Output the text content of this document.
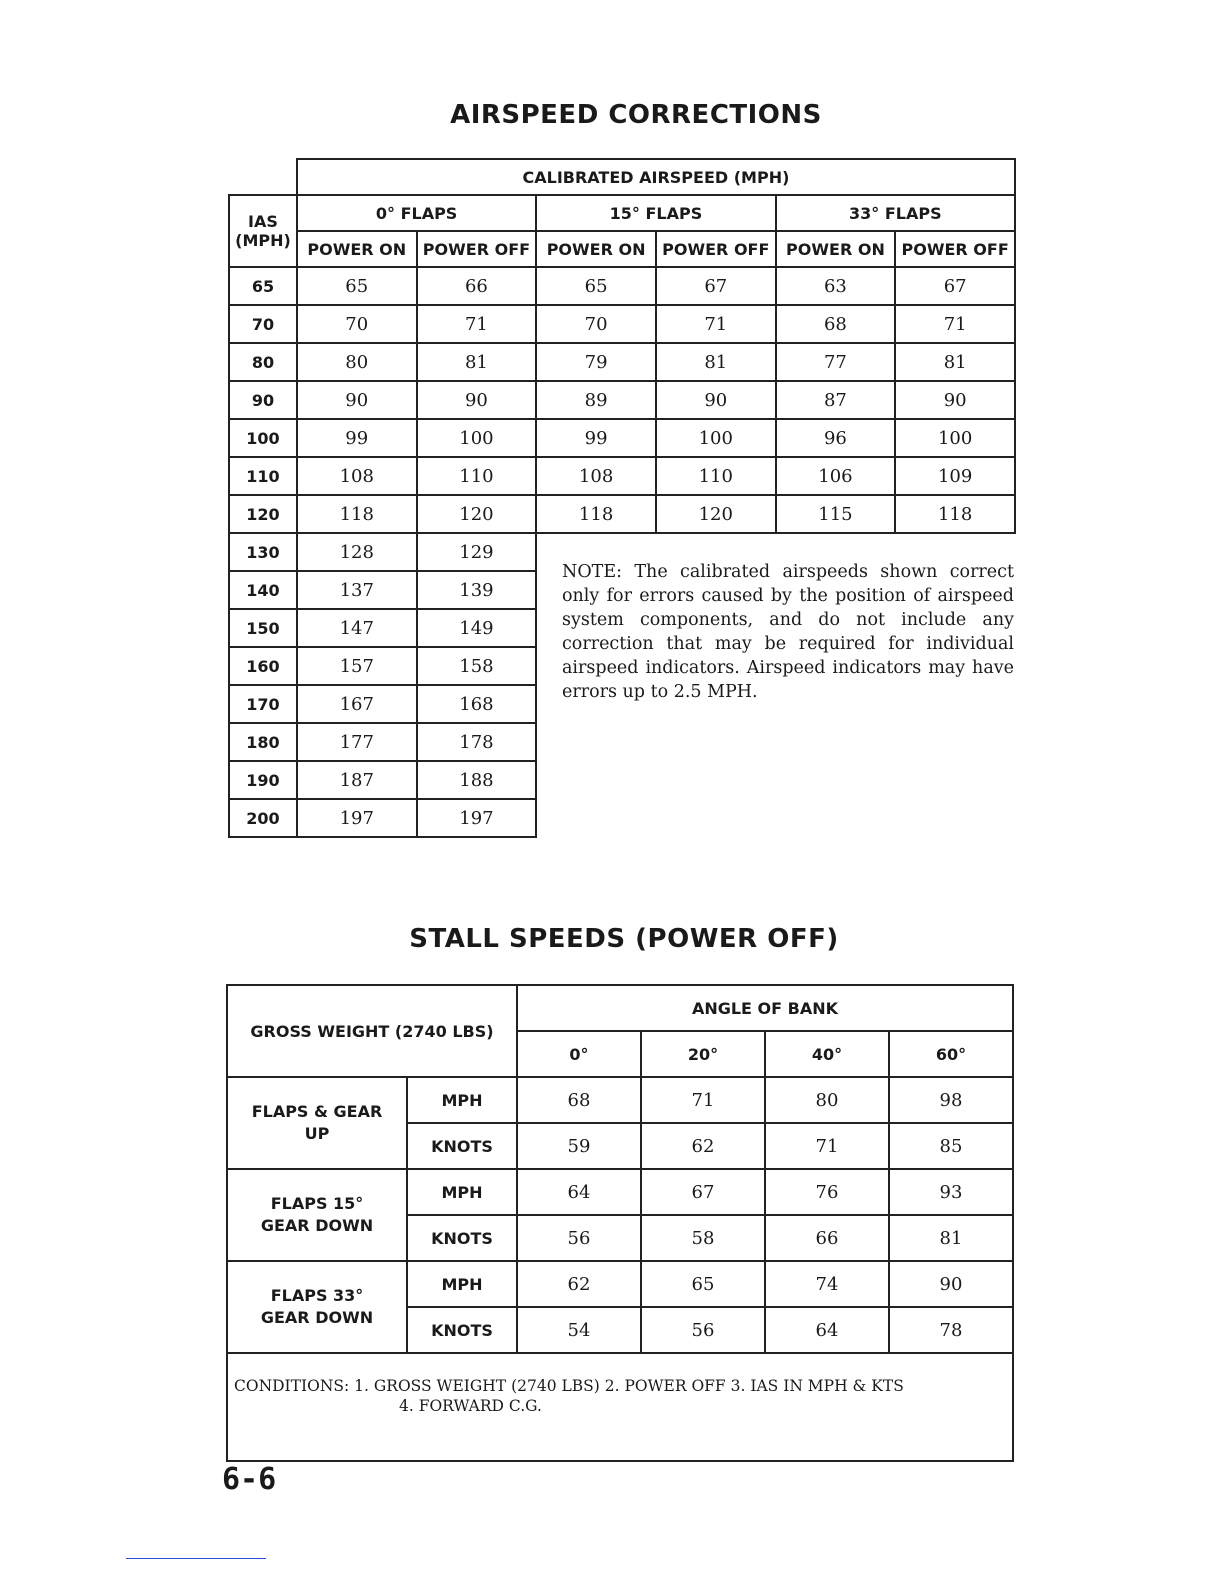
AIRSPEED CORRECTIONS
	CALIBRATED AIRSPEED (MPH)					
IAS
(MPH)	0° FLAPS		15° FLAPS		33° FLAPS	
	POWER ON	POWER OFF	POWER ON	POWER OFF	POWER ON	POWER OFF
65	65	66	65	67	63	67
70	70	71	70	71	68	71
80	80	81	79	81	77	81
90	90	90	89	90	87	90
100	99	100	99	100	96	100
110	108	110	108	110	106	109
120	118	120	118	120	115	118
130	128	129				
140	137	139				
150	147	149				
160	157	158				
170	167	168				
180	177	178				
190	187	188				
200	197	197				
NOTE: The calibrated airspeeds shown correct only for errors caused by the position of airspeed system components, and do not include any correction that may be required for individual airspeed indicators. Airspeed indicators may have errors up to 2.5 MPH.
STALL SPEEDS (POWER OFF)
GROSS WEIGHT (2740 LBS)		ANGLE OF BANK			
		0°	20°	40°	60°
FLAPS & GEAR
UP	MPH	68	71	80	98
	KNOTS	59	62	71	85
FLAPS 15°
GEAR DOWN	MPH	64	67	76	93
	KNOTS	56	58	66	81
FLAPS 33°
GEAR DOWN	MPH	62	65	74	90
	KNOTS	54	56	64	78
CONDITIONS: 1. GROSS WEIGHT (2740 LBS) 2. POWER OFF 3. IAS IN MPH & KTS
4. FORWARD C.G.					
6-6
